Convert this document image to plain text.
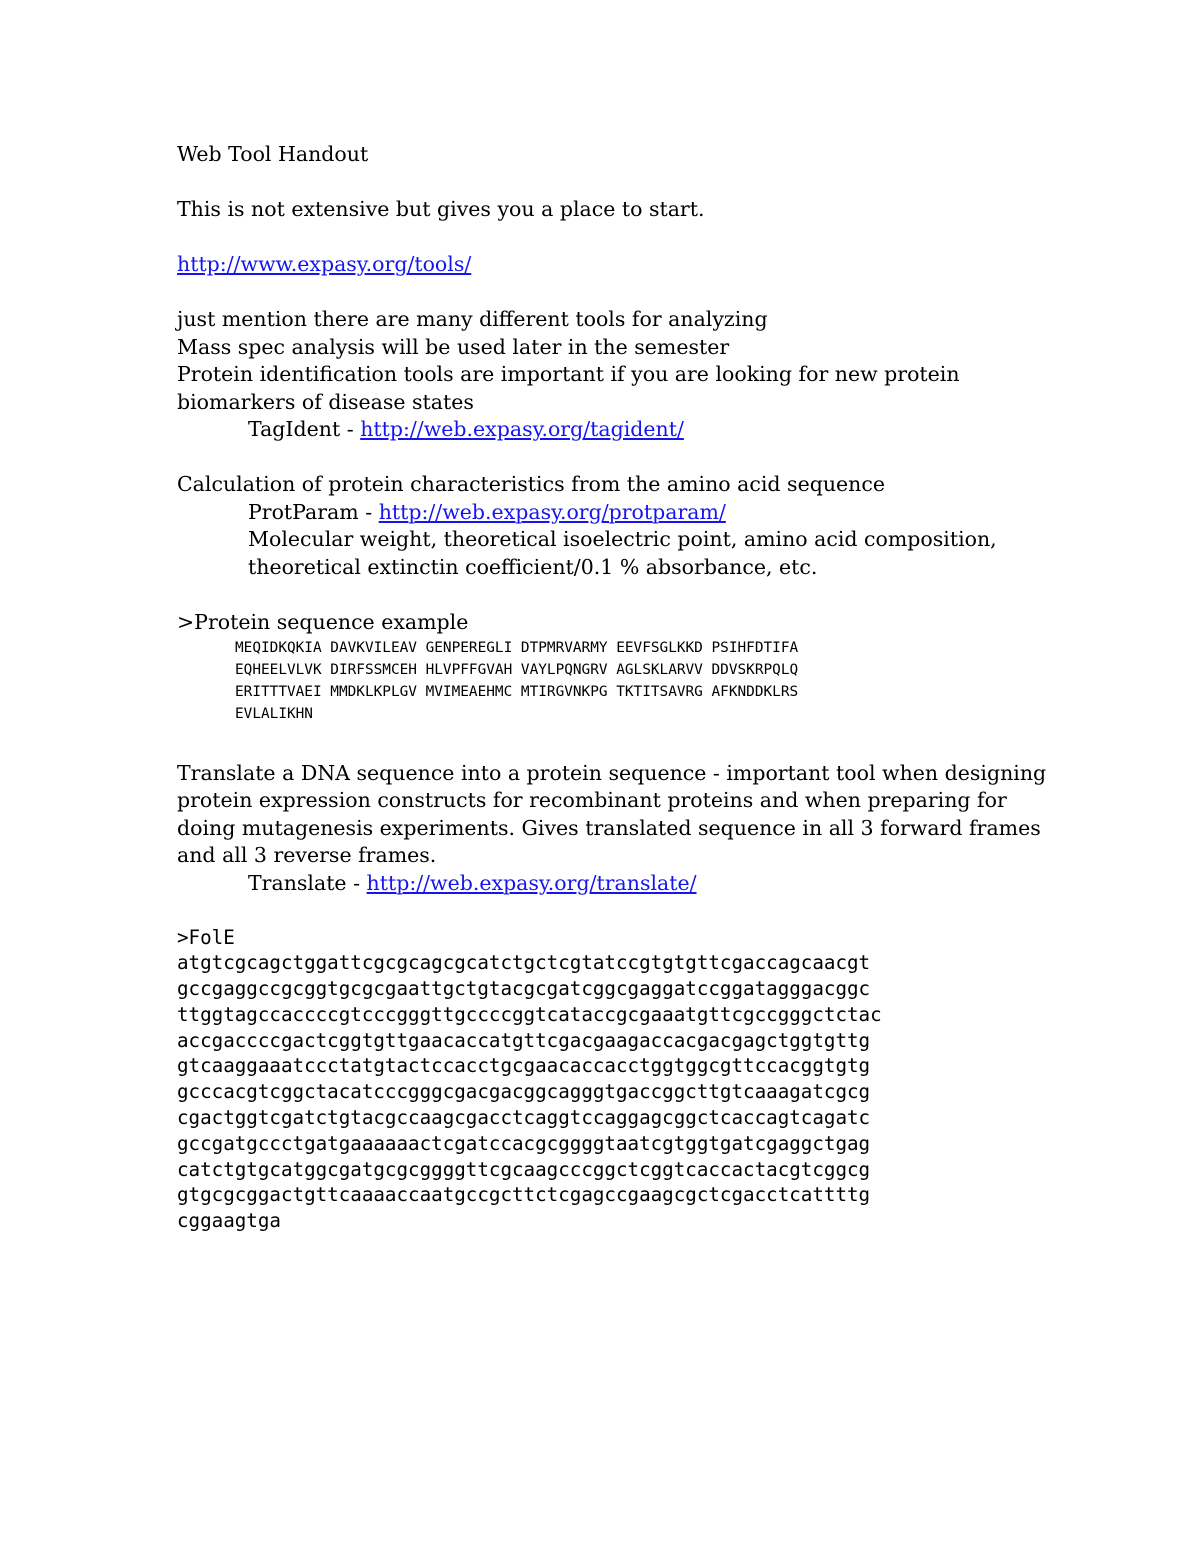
Web Tool Handout
This is not extensive but gives you a place to start.
http://www.expasy.org/tools/
just mention there are many different tools for analyzing
Mass spec analysis will be used later in the semester
Protein identification tools are important if you are looking for new protein
biomarkers of disease states
TagIdent - http://web.expasy.org/tagident/
Calculation of protein characteristics from the amino acid sequence
ProtParam - http://web.expasy.org/protparam/
Molecular weight, theoretical isoelectric point, amino acid composition,
theoretical extinctin coefficient/0.1 % absorbance, etc.
>Protein sequence example
MEQIDKQKIA DAVKVILEAV GENPEREGLI DTPMRVARMY EEVFSGLKKD PSIHFDTIFA
EQHEELVLVK DIRFSSMCEH HLVPFFGVAH VAYLPQNGRV AGLSKLARVV DDVSKRPQLQ
ERITTTVAEI MMDKLKPLGV MVIMEAEHMC MTIRGVNKPG TKTITSAVRG AFKNDDKLRS
EVLALIKHN
Translate a DNA sequence into a protein sequence - important tool when designing
protein expression constructs for recombinant proteins and when preparing for
doing mutagenesis experiments. Gives translated sequence in all 3 forward frames
and all 3 reverse frames.
Translate - http://web.expasy.org/translate/
>FolE
atgtcgcagctggattcgcgcagcgcatctgctcgtatccgtgtgttcgaccagcaacgt
gccgaggccgcggtgcgcgaattgctgtacgcgatcggcgaggatccggatagggacggc
ttggtagccaccccgtcccgggttgccccggtcataccgcgaaatgttcgccgggctctac
accgaccccgactcggtgttgaacaccatgttcgacgaagaccacgacgagctggtgttg
gtcaaggaaatccctatgtactccacctgcgaacaccacctggtggcgttccacggtgtg
gcccacgtcggctacatcccgggcgacgacggcagggtgaccggcttgtcaaagatcgcg
cgactggtcgatctgtacgccaagcgacctcaggtccaggagcggctcaccagtcagatc
gccgatgccctgatgaaaaaactcgatccacgcggggtaatcgtggtgatcgaggctgag
catctgtgcatggcgatgcgcggggttcgcaagcccggctcggtcaccactacgtcggcg
gtgcgcggactgttcaaaaccaatgccgcttctcgagccgaagcgctcgacctcattttg
cggaagtga
